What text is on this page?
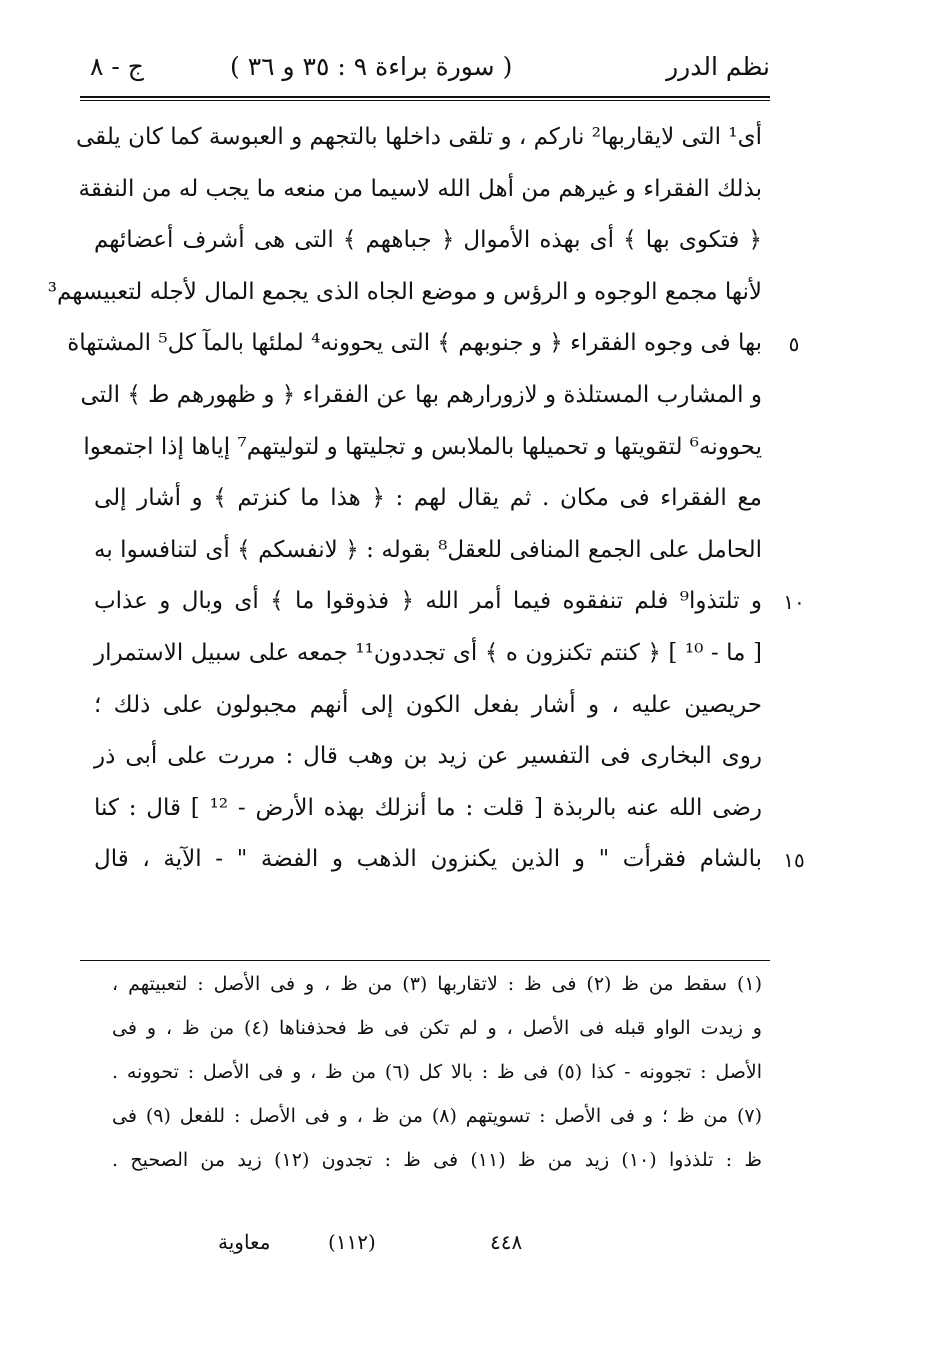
نظم الدرر
( سورة براءة ٩ : ٣٥ و ٣٦ )
ج - ٨
أى¹ التى لايقاربها² ناركم ، و تلقى داخلها بالتجهم و العبوسة كما كان يلقى
بذلك الفقراء و غيرهم من أهل الله لاسيما من منعه ما يجب له من النفقة
﴿ فتكوى بها ﴾ أى بهذه الأموال ﴿ جباههم ﴾ التى هى أشرف أعضائهم
لأنها مجمع الوجوه و الرؤس و موضع الجاه الذى يجمع المال لأجله لتعبيسهم³
بها فى وجوه الفقراء ﴿ و جنوبهم ﴾ التى يحوونه⁴ لملئها بالمآ كل⁵ المشتهاة
و المشارب المستلذة و لازورارهم بها عن الفقراء ﴿ و ظهورهم ط ﴾ التى
يحوونه⁶ لتقويتها و تحميلها بالملابس و تجليتها و لتوليتهم⁷ إياها إذا اجتمعوا
مع الفقراء فى مكان . ثم يقال لهم : ﴿ هذا ما كنزتم ﴾ و أشار إلى
الحامل على الجمع المنافى للعقل⁸ بقوله : ﴿ لانفسكم ﴾ أى لتنافسوا به
و تلتذوا⁹ فلم تنفقوه فيما أمر الله ﴿ فذوقوا ما ﴾ أى وبال و عذاب
[ ما - ¹⁰ ] ﴿ كنتم تكنزون ه ﴾ أى تجددون¹¹ جمعه على سبيل الاستمرار
حريصين عليه ، و أشار بفعل الكون إلى أنهم مجبولون على ذلك ؛
روى البخارى فى التفسير عن زيد بن وهب قال : مررت على أبى ذر
رضى الله عنه بالربذة [ قلت : ما أنزلك بهذه الأرض - ¹² ] قال : كنا
بالشام فقرأت " و الذين يكنزون الذهب و الفضة " - الآية ، قال
٥
١٠
١٥
(١) سقط من ظ (٢) فى ظ : لاتقاربها (٣) من ظ ، و فى الأصل : لتعبيتهم ،
و زيدت الواو قبله فى الأصل ، و لم تكن فى ظ فحذفناها (٤) من ظ ، و فى
الأصل : تجوونه - كذا (٥) فى ظ : بالا كل (٦) من ظ ، و فى الأصل : تحوونه .
(٧) من ظ ؛ و فى الأصل : تسويتهم (٨) من ظ ، و فى الأصل : للفعل (٩) فى
ظ : تلذذوا (١٠) زيد من ظ (١١) فى ظ : تجدون (١٢) زيد من الصحيح .
٤٤٨
(١١٢)
معاوية
